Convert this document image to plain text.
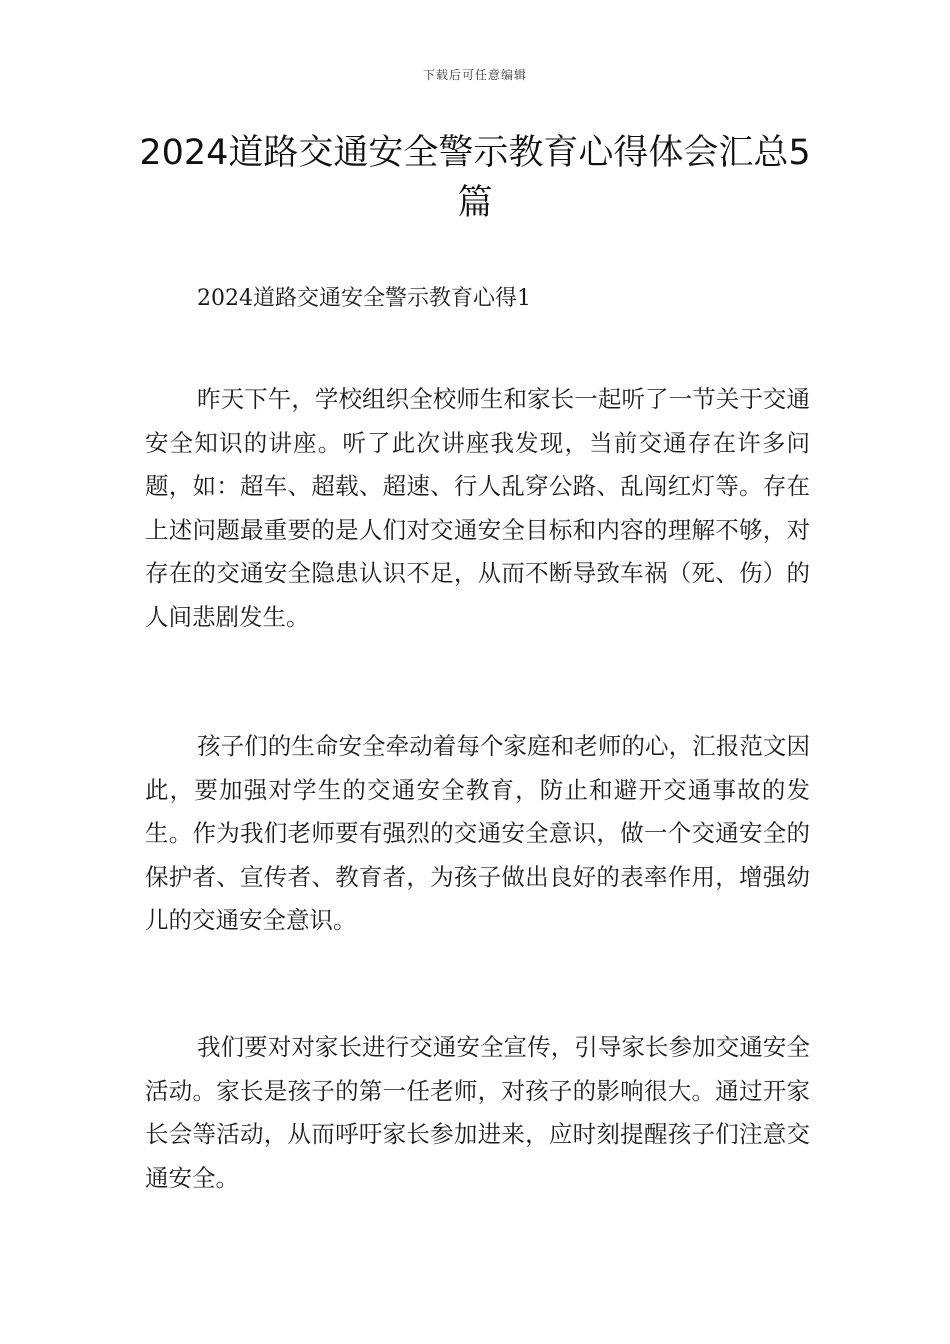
下载后可任意编辑
2024道路交通安全警示教育心得体会汇总5篇
2024道路交通安全警示教育心得1

昨天下午，学校组织全校师生和家长一起听了一节关于交通安全知识的讲座。听了此次讲座我发现，当前交通存在许多问题，如：超车、超载、超速、行人乱穿公路、乱闯红灯等。存在上述问题最重要的是人们对交通安全目标和内容的理解不够，对存在的交通安全隐患认识不足，从而不断导致车祸（死、伤）的人间悲剧发生。

孩子们的生命安全牵动着每个家庭和老师的心，汇报范文因此，要加强对学生的交通安全教育，防止和避开交通事故的发生。作为我们老师要有强烈的交通安全意识，做一个交通安全的保护者、宣传者、教育者，为孩子做出良好的表率作用，增强幼儿的交通安全意识。

我们要对对家长进行交通安全宣传，引导家长参加交通安全活动。家长是孩子的第一任老师，对孩子的影响很大。通过开家长会等活动，从而呼吁家长参加进来，应时刻提醒孩子们注意交通安全。
